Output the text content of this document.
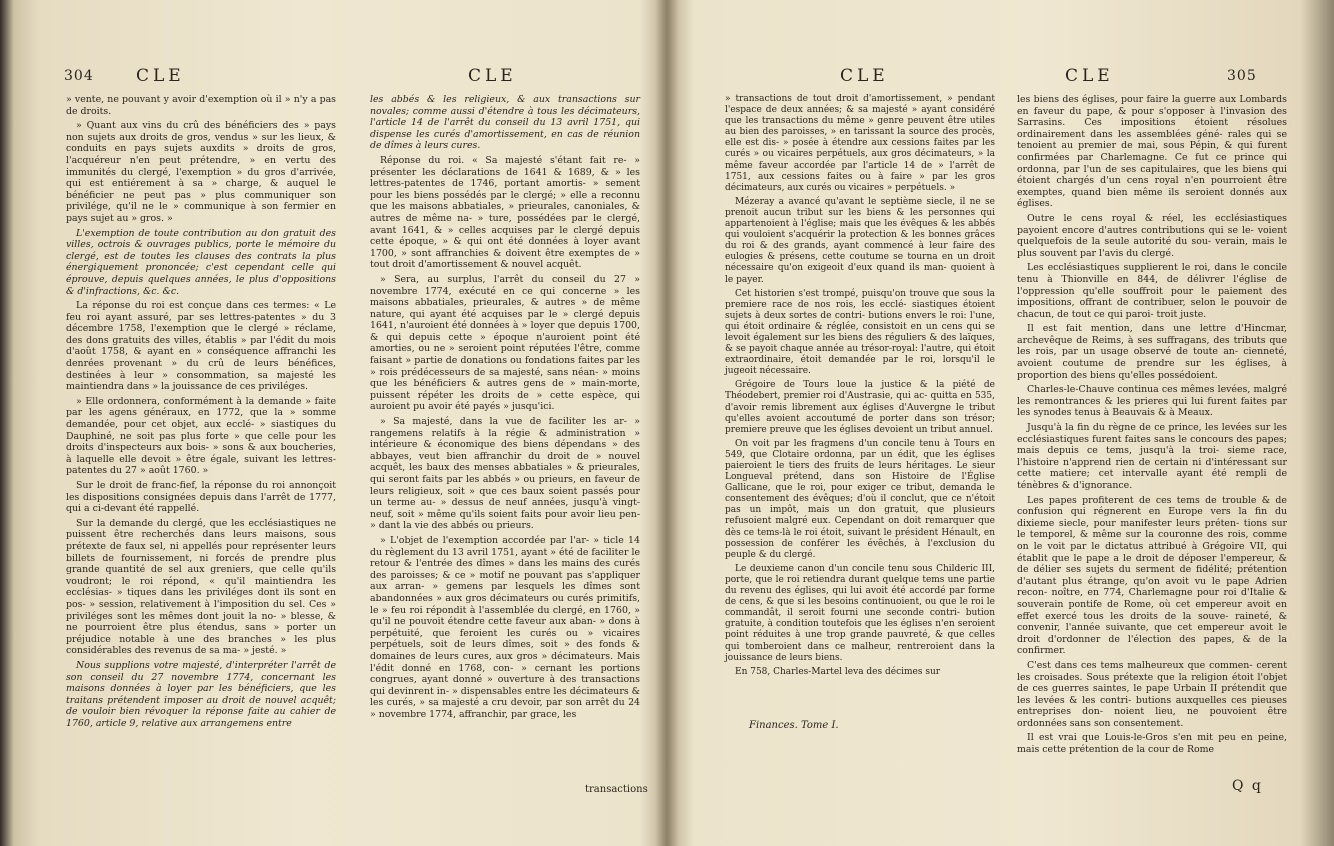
304 CLE	CLE

» vente, ne pouvant y avoir d'exemption où il » n'y a pas de droits.

» Quant aux vins du crû des bénéficiers des » pays non sujets aux droits de gros, vendus » sur les lieux, & conduits en pays sujets auxdits » droits de gros, l'acquéreur n'en peut prétendre, » en vertu des immunités du clergé, l'exemption » du gros d'arrivée, qui est entiérement à sa » charge, & auquel le bénéficier ne peut pas » plus communiquer son privilége, qu'il ne le » communique à son fermier en pays sujet au » gros. »

L'exemption de toute contribution au don gratuit des villes, octrois & ouvrages publics, porte le mémoire du clergé, est de toutes les clauses des contrats la plus énergiquement prononcée; c'est cependant celle qui éprouve, depuis quelques années, le plus d'oppositions & d'infractions, &c. &c.

La réponse du roi est conçue dans ces termes: « Le feu roi ayant assuré, par ses lettres-patentes » du 3 décembre 1758, l'exemption que le clergé » réclame, des dons gratuits des villes, établis » par l'édit du mois d'août 1758, & ayant en » conséquence affranchi les denrées provenant » du crû de leurs bénéfices, destinées à leur » consommation, sa majesté les maintiendra dans » la jouissance de ces priviléges.

» Elle ordonnera, conformément à la demande » faite par les agens généraux, en 1772, que la » somme demandée, pour cet objet, aux ecclé- » siastiques du Dauphiné, ne soit pas plus forte » que celle pour les droits d'inspecteurs aux bois- » sons & aux boucheries, à laquelle elle devoit » être égale, suivant les lettres-patentes du 27 » août 1760. »

Sur le droit de franc-fief, la réponse du roi annonçoit les dispositions consignées depuis dans l'arrêt de 1777, qui a ci-devant été rappellé.

Sur la demande du clergé, que les ecclésiastiques ne puissent être recherchés dans leurs maisons, sous prétexte de faux sel, ni appellés pour représenter leurs billets de fournissement, ni forcés de prendre plus grande quantité de sel aux greniers, que celle qu'ils voudront; le roi répond, « qu'il maintiendra les ecclésias- » tiques dans les priviléges dont ils sont en pos- » session, relativement à l'imposition du sel. Ces » priviléges sont les mêmes dont jouit la no- » blesse, & ne pourroient être plus étendus, sans » porter un préjudice notable à une des branches » les plus considérables des revenus de sa ma- » jesté. »

Nous supplions votre majesté, d'interpréter l'arrêt de son conseil du 27 novembre 1774, concernant les maisons données à loyer par les bénéficiers, que les traitans prétendent imposer au droit de nouvel acquêt; de vouloir bien révoquer la réponse faite au cahier de 1760, article 9, relative aux arrangemens entre

les abbés & les religieux, & aux transactions sur novales; comme aussi d'étendre à tous les décimateurs, l'article 14 de l'arrêt du conseil du 13 avril 1751, qui dispense les curés d'amortissement, en cas de réunion de dîmes à leurs cures.

Réponse du roi. « Sa majesté s'étant fait re- » présenter les déclarations de 1641 & 1689, & » les lettres-patentes de 1746, portant amortis- » sement pour les biens possédés par le clergé; » elle a reconnu que les maisons abbatiales, » prieurales, canoniales, & autres de même na- » ture, possédées par le clergé, avant 1641, & » celles acquises par le clergé depuis cette époque, » & qui ont été données à loyer avant 1700, » sont affranchies & doivent être exemptes de » tout droit d'amortissement & nouvel acquêt.

» Sera, au surplus, l'arrêt du conseil du 27 » novembre 1774, exécuté en ce qui concerne » les maisons abbatiales, prieurales, & autres » de même nature, qui ayant été acquises par le » clergé depuis 1641, n'auroient été données à » loyer que depuis 1700, & qui depuis cette » époque n'auroient point été amorties, ou ne » seroient point réputées l'être, comme faisant » partie de donations ou fondations faites par les » rois prédécesseurs de sa majesté, sans néan- » moins que les bénéficiers & autres gens de » main-morte, puissent répéter les droits de » cette espèce, qui auroient pu avoir été payés » jusqu'ici.

» Sa majesté, dans la vue de faciliter les ar- » rangemens relatifs à la régie & administration » intérieure & économique des biens dépendans » des abbayes, veut bien affranchir du droit de » nouvel acquêt, les baux des menses abbatiales » & prieurales, qui seront faits par les abbés » ou prieurs, en faveur de leurs religieux, soit » que ces baux soient passés pour un terme au- » dessus de neuf années, jusqu'à vingt-neuf, soit » même qu'ils soient faits pour avoir lieu pen- » dant la vie des abbés ou prieurs.

» L'objet de l'exemption accordée par l'ar- » ticle 14 du règlement du 13 avril 1751, ayant » été de faciliter le retour & l'entrée des dîmes » dans les mains des curés des paroisses; & ce » motif ne pouvant pas s'appliquer aux arran- » gemens par lesquels les dîmes sont abandonnées » aux gros décimateurs ou curés primitifs, le » feu roi répondit à l'assemblée du clergé, en 1760, » qu'il ne pouvoit étendre cette faveur aux aban- » dons à perpétuité, que feroient les curés ou » vicaires perpétuels, soit de leurs dîmes, soit » des fonds & domaines de leurs cures, aux gros » décimateurs. Mais l'édit donné en 1768, con- » cernant les portions congrues, ayant donné » ouverture à des transactions qui devinrent in- » dispensables entre les décimateurs & les curés, » sa majesté a cru devoir, par son arrêt du 24 » novembre 1774, affranchir, par grace, les

transactions
CLE	CLE	305

» transactions de tout droit d'amortissement, » pendant l'espace de deux années; & sa majesté » ayant considéré que les transactions du même » genre peuvent être utiles au bien des paroisses, » en tarissant la source des procès, elle est dis- » posée à étendre aux cessions faites par les curés » ou vicaires perpétuels, aux gros décimateurs, » la même faveur accordée par l'article 14 de » l'arrêt de 1751, aux cessions faites ou à faire » par les gros décimateurs, aux curés ou vicaires » perpétuels. »

Mézeray a avancé qu'avant le septième siecle, il ne se prenoit aucun tribut sur les biens & les personnes qui appartenoient à l'église; mais que les évêques & les abbés qui vouloient s'acquérir la protection & les bonnes grâces du roi & des grands, ayant commencé à leur faire des eulogies & présens, cette coutume se tourna en un droit nécessaire qu'on exigeoit d'eux quand ils man- quoient à le payer.

Cet historien s'est trompé, puisqu'on trouve que sous la premiere race de nos rois, les ecclé- siastiques étoient sujets à deux sortes de contri- butions envers le roi: l'une, qui étoit ordinaire & réglée, consistoit en un cens qui se levoit également sur les biens des réguliers & des laïques, & se payoit chaque année au trésor-royal: l'autre, qui étoit extraordinaire, étoit demandée par le roi, lorsqu'il le jugeoit nécessaire.

Grégoire de Tours loue la justice & la piété de Théodebert, premier roi d'Austrasie, qui ac- quitta en 535, d'avoir remis librement aux églises d'Auvergne le tribut qu'elles avoient accoutumé de porter dans son trésor; premiere preuve que les églises devoient un tribut annuel.

On voit par les fragmens d'un concile tenu à Tours en 549, que Clotaire ordonna, par un édit, que les églises paieroient le tiers des fruits de leurs héritages. Le sieur Longueval prétend, dans son Histoire de l'Église Gallicane, que le roi, pour exiger ce tribut, demanda le consentement des évêques; d'où il conclut, que ce n'étoit pas un impôt, mais un don gratuit, que plusieurs refusoient malgré eux. Cependant on doit remarquer que dès ce tems-là le roi étoit, suivant le président Hénault, en possession de conférer les évêchés, à l'exclusion du peuple & du clergé.

Le deuxieme canon d'un concile tenu sous Childeric III, porte, que le roi retiendra durant quelque tems une partie du revenu des églises, qui lui avoit été accordé par forme de cens, & que si les besoins continuoient, ou que le roi le commandât, il seroit fourni une seconde contri- bution gratuite, à condition toutefois que les églises n'en seroient point réduites à une trop grande pauvreté, & que celles qui tomberoient dans ce malheur, rentreroient dans la jouissance de leurs biens.

En 758, Charles-Martel leva des décimes sur

les biens des églises, pour faire la guerre aux Lombards en faveur du pape, & pour s'opposer à l'invasion des Sarrasins. Ces impositions étoient résolues ordinairement dans les assemblées géné- rales qui se tenoient au premier de mai, sous Pépin, & qui furent confirmées par Charlemagne. Ce fut ce prince qui ordonna, par l'un de ses capitulaires, que les biens qui étoient chargés d'un cens royal n'en pourroient être exemptes, quand bien même ils seroient donnés aux églises.

Outre le cens royal & réel, les ecclésiastiques payoient encore d'autres contributions qui se le- voient quelquefois de la seule autorité du sou- verain, mais le plus souvent par l'avis du clergé.

Les ecclésiastiques supplierent le roi, dans le concile tenu à Thionville en 844, de délivrer l'église de l'oppression qu'elle souffroit pour le paiement des impositions, offrant de contribuer, selon le pouvoir de chacun, de tout ce qui paroi- troit juste.

Il est fait mention, dans une lettre d'Hincmar, archevêque de Reims, à ses suffragans, des tributs que les rois, par un usage observé de toute an- cienneté, avoient coutume de prendre sur les églises, à proportion des biens qu'elles possédoient.

Charles-le-Chauve continua ces mêmes levées, malgré les remontrances & les prieres qui lui furent faites par les synodes tenus à Beauvais & à Meaux.

Jusqu'à la fin du règne de ce prince, les levées sur les ecclésiastiques furent faites sans le concours des papes; mais depuis ce tems, jusqu'à la troi- sieme race, l'histoire n'apprend rien de certain ni d'intéressant sur cette matiere; cet intervalle ayant été rempli de ténèbres & d'ignorance.

Les papes profiterent de ces tems de trouble & de confusion qui régnerent en Europe vers la fin du dixieme siecle, pour manifester leurs préten- tions sur le temporel, & même sur la couronne des rois, comme on le voit par le dictatus attribué à Grégoire VII, qui établit que le pape a le droit de déposer l'empereur, & de délier ses sujets du serment de fidélité; prétention d'autant plus étrange, qu'on avoit vu le pape Adrien recon- noître, en 774, Charlemagne pour roi d'Italie & souverain pontife de Rome, où cet empereur avoit en effet exercé tous les droits de la souve- raineté, & convenir, l'année suivante, que cet empereur avoit le droit d'ordonner de l'élection des papes, & de la confirmer.

C'est dans ces tems malheureux que commen- cerent les croisades. Sous prétexte que la religion étoit l'objet de ces guerres saintes, le pape Urbain II prétendit que les levées & les contri- butions auxquelles ces pieuses entreprises don- noient lieu, ne pouvoient être ordonnées sans son consentement.

Il est vrai que Louis-le-Gros s'en mit peu en peine, mais cette prétention de la cour de Rome

Finances. Tome I.
Q q
